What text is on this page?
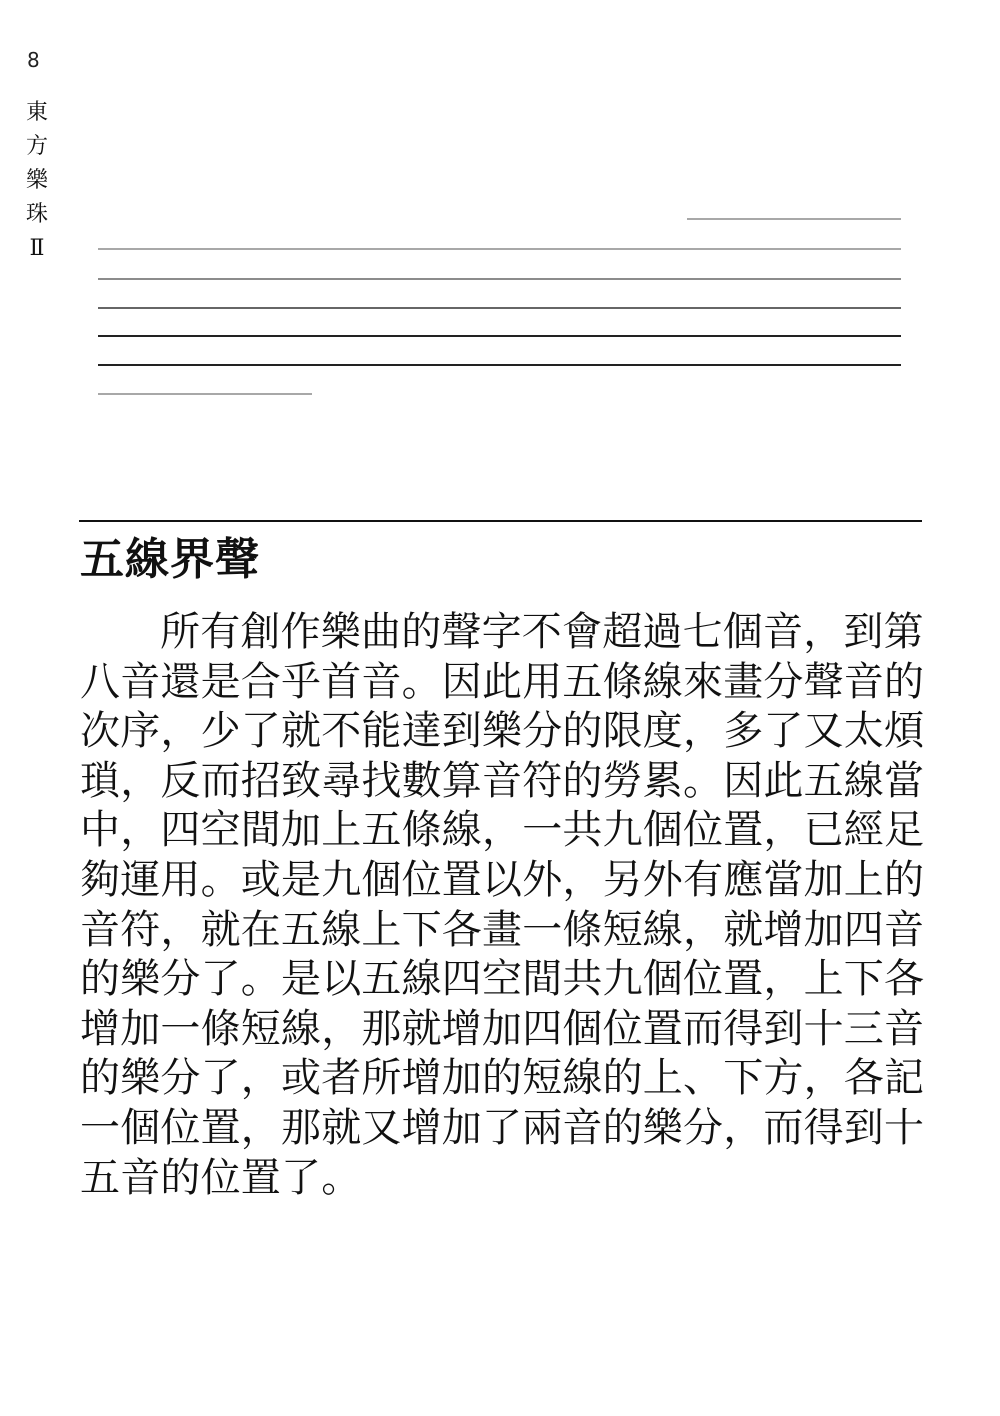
8
東
方
樂
珠
Ⅱ
五線界聲
所有創作樂曲的聲字不會超過七個音，到第
八音還是合乎首音。因此用五條線來畫分聲音的
次序，少了就不能達到樂分的限度，多了又太煩
瑣，反而招致尋找數算音符的勞累。因此五線當
中，四空間加上五條線，一共九個位置，已經足
夠運用。或是九個位置以外，另外有應當加上的
音符，就在五線上下各畫一條短線，就增加四音
的樂分了。是以五線四空間共九個位置，上下各
增加一條短線，那就增加四個位置而得到十三音
的樂分了，或者所增加的短線的上、下方，各記
一個位置，那就又增加了兩音的樂分，而得到十
五音的位置了。
